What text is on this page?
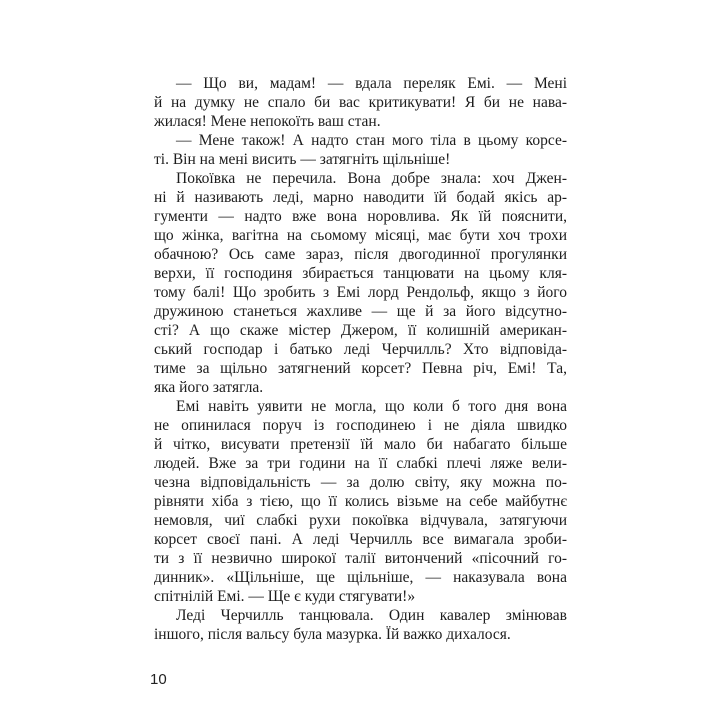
— Що ви, мадам! — вдала переляк Емі. — Мені
й на думку не спало би вас критикувати! Я би не нава-
жилася! Мене непокоїть ваш стан.
— Мене також! А надто стан мого тіла в цьому корсе-
ті. Він на мені висить — затягніть щільніше!
Покоївка не перечила. Вона добре знала: хоч Джен-
ні й називають леді, марно наводити їй бодай якісь ар-
гументи — надто вже вона норовлива. Як їй пояснити,
що жінка, вагітна на сьомому місяці, має бути хоч трохи
обачною? Ось саме зараз, після двогодинної прогулянки
верхи, її господиня збирається танцювати на цьому кля-
тому балі! Що зробить з Емі лорд Рендольф, якщо з його
дружиною станеться жахливе — ще й за його відсутно-
сті? А що скаже містер Джером, її колишній американ-
ський господар і батько леді Черчилль? Хто відповіда-
тиме за щільно затягнений корсет? Певна річ, Емі! Та,
яка його затягла.
Емі навіть уявити не могла, що коли б того дня вона
не опинилася поруч із господинею і не діяла швидко
й чітко, висувати претензії їй мало би набагато більше
людей. Вже за три години на її слабкі плечі ляже вели-
чезна відповідальність — за долю світу, яку можна по-
рівняти хіба з тією, що її колись візьме на себе майбутнє
немовля, чиї слабкі рухи покоївка відчувала, затягуючи
корсет своєї пані. А леді Черчилль все вимагала зроби-
ти з її незвично широкої талії витончений «пісочний го-
динник». «Щільніше, ще щільніше, — наказувала вона
спітнілій Емі. — Ще є куди стягувати!»
Леді Черчилль танцювала. Один кавалер змінював
іншого, після вальсу була мазурка. Їй важко дихалося.
10
